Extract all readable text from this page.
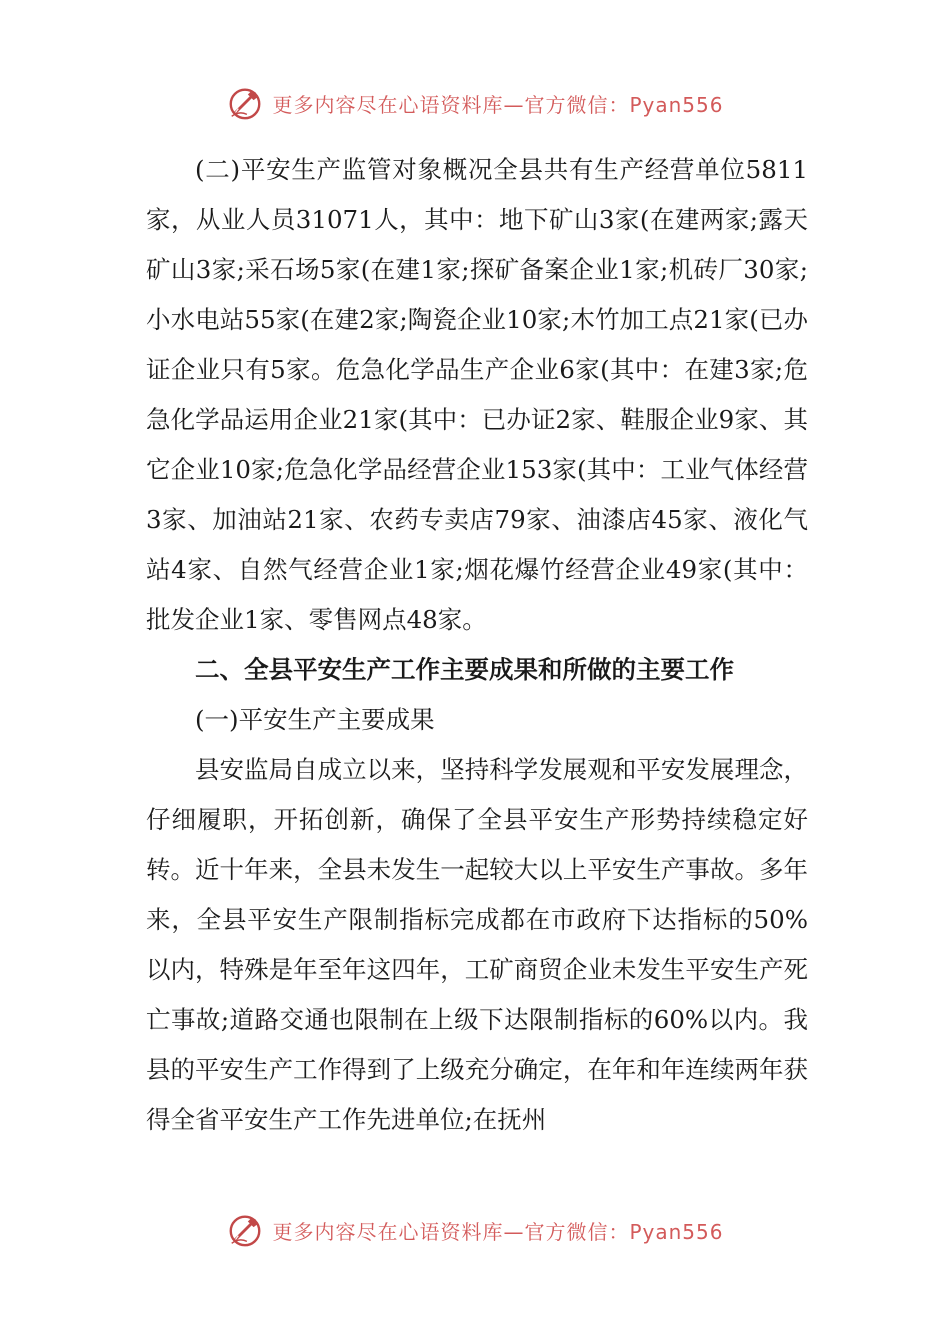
更多内容尽在心语资料库—官方微信：Pyan556

(二)平安生产监管对象概况全县共有生产经营单位5811家，从业人员31071人，其中：地下矿山3家(在建两家;露天矿山3家;采石场5家(在建1家;探矿备案企业1家;机砖厂30家;小水电站55家(在建2家;陶瓷企业10家;木竹加工点21家(已办证企业只有5家。危急化学品生产企业6家(其中：在建3家;危急化学品运用企业21家(其中：已办证2家、鞋服企业9家、其它企业10家;危急化学品经营企业153家(其中：工业气体经营3家、加油站21家、农药专卖店79家、油漆店45家、液化气站4家、自然气经营企业1家;烟花爆竹经营企业49家(其中：批发企业1家、零售网点48家。

二、全县平安生产工作主要成果和所做的主要工作

(一)平安生产主要成果

县安监局自成立以来，坚持科学发展观和平安发展理念，仔细履职，开拓创新，确保了全县平安生产形势持续稳定好转。近十年来，全县未发生一起较大以上平安生产事故。多年来，全县平安生产限制指标完成都在市政府下达指标的50%以内，特殊是年至年这四年，工矿商贸企业未发生平安生产死亡事故;道路交通也限制在上级下达限制指标的60%以内。我县的平安生产工作得到了上级充分确定，在年和年连续两年获得全省平安生产工作先进单位;在抚州

更多内容尽在心语资料库—官方微信：Pyan556
